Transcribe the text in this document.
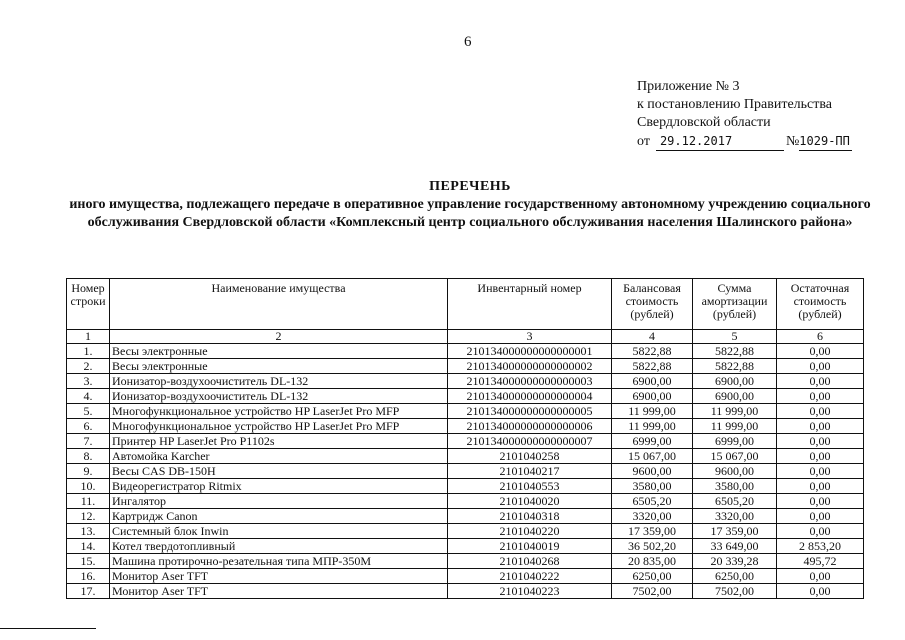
6
Приложение № 3
к постановлению Правительства
Свердловской области
от 29.12.2017	№ 1029-ПП
ПЕРЕЧЕНЬ
иного имущества, подлежащего передаче в оперативное управление государственному автономному учреждению социального обслуживания Свердловской области «Комплексный центр социального обслуживания населения Шалинского района»
Номер строки	Наименование имущества	Инвентарный номер	Балансовая стоимость (рублей)	Сумма амортизации (рублей)	Остаточная стоимость (рублей)
1	2	3	4	5	6
1.	Весы электронные	210134000000000000001	5822,88	5822,88	0,00
2.	Весы электронные	210134000000000000002	5822,88	5822,88	0,00
3.	Ионизатор-воздухоочиститель DL-132	210134000000000000003	6900,00	6900,00	0,00
4.	Ионизатор-воздухоочиститель DL-132	210134000000000000004	6900,00	6900,00	0,00
5.	Многофункциональное устройство HP LaserJet Pro MFP	210134000000000000005	11 999,00	11 999,00	0,00
6.	Многофункциональное устройство HP LaserJet Pro MFP	210134000000000000006	11 999,00	11 999,00	0,00
7.	Принтер HP LaserJet Pro P1102s	210134000000000000007	6999,00	6999,00	0,00
8.	Автомойка Karcher	2101040258	15 067,00	15 067,00	0,00
9.	Весы CAS DB-150H	2101040217	9600,00	9600,00	0,00
10.	Видеорегистратор Ritmix	2101040553	3580,00	3580,00	0,00
11.	Ингалятор	2101040020	6505,20	6505,20	0,00
12.	Картридж Canon	2101040318	3320,00	3320,00	0,00
13.	Системный блок Inwin	2101040220	17 359,00	17 359,00	0,00
14.	Котел твердотопливный	2101040019	36 502,20	33 649,00	2 853,20
15.	Машина протирочно-резательная типа МПР-350М	2101040268	20 835,00	20 339,28	495,72
16.	Монитор Aser TFT	2101040222	6250,00	6250,00	0,00
17.	Монитор Aser TFT	2101040223	7502,00	7502,00	0,00
